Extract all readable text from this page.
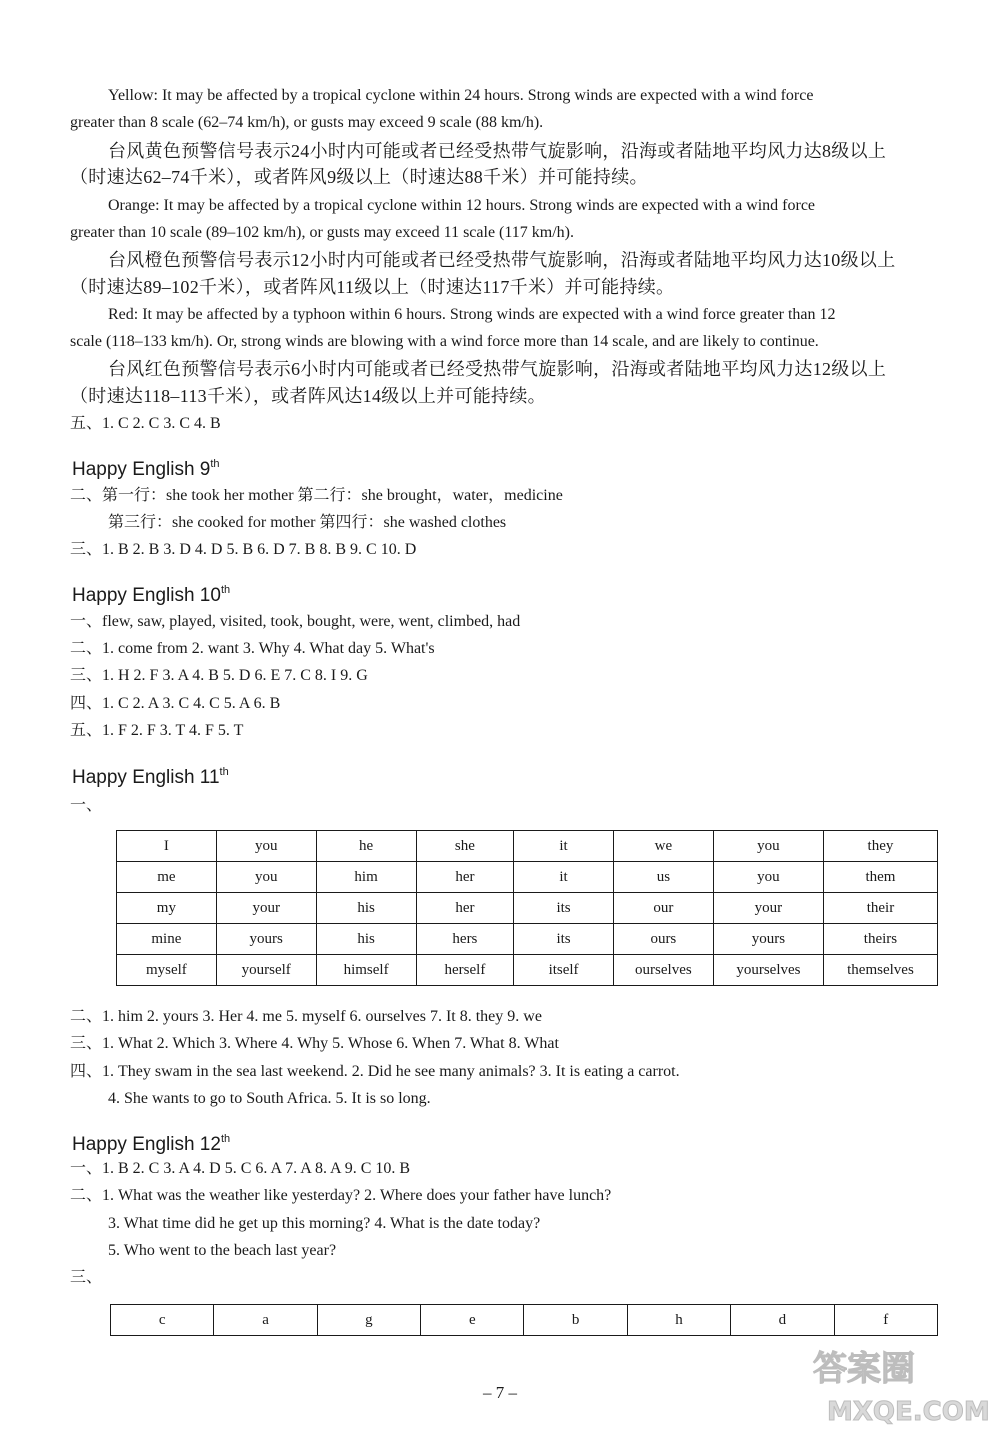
Yellow: It may be affected by a tropical cyclone within 24 hours. Strong winds are expected with a wind force
greater than 8 scale (62–74 km/h), or gusts may exceed 9 scale (88 km/h).
台风黄色预警信号表示24小时内可能或者已经受热带气旋影响，沿海或者陆地平均风力达8级以上
（时速达62–74千米），或者阵风9级以上（时速达88千米）并可能持续。
Orange: It may be affected by a tropical cyclone within 12 hours. Strong winds are expected with a wind force
greater than 10 scale (89–102 km/h), or gusts may exceed 11 scale (117 km/h).
台风橙色预警信号表示12小时内可能或者已经受热带气旋影响，沿海或者陆地平均风力达10级以上
（时速达89–102千米），或者阵风11级以上（时速达117千米）并可能持续。
Red: It may be affected by a typhoon within 6 hours. Strong winds are expected with a wind force greater than 12
scale (118–133 km/h). Or, strong winds are blowing with a wind force more than 14 scale, and are likely to continue.
台风红色预警信号表示6小时内可能或者已经受热带气旋影响，沿海或者陆地平均风力达12级以上
（时速达118–113千米），或者阵风达14级以上并可能持续。
五、1. C 2. C 3. C 4. B
Happy English 9th
二、第一行：she took her mother 第二行：she brought，water，medicine
第三行：she cooked for mother 第四行：she washed clothes
三、1. B 2. B 3. D 4. D 5. B 6. D 7. B 8. B 9. C 10. D
Happy English 10th
一、flew, saw, played, visited, took, bought, were, went, climbed, had
二、1. come from 2. want 3. Why 4. What day 5. What's
三、1. H 2. F 3. A 4. B 5. D 6. E 7. C 8. I 9. G
四、1. C 2. A 3. C 4. C 5. A 6. B
五、1. F 2. F 3. T 4. F 5. T
Happy English 11th
一、
I	you	he	she	it	we	you	they
me	you	him	her	it	us	you	them
my	your	his	her	its	our	your	their
mine	yours	his	hers	its	ours	yours	theirs
myself	yourself	himself	herself	itself	ourselves	yourselves	themselves
二、1. him 2. yours 3. Her 4. me 5. myself 6. ourselves 7. It 8. they 9. we
三、1. What 2. Which 3. Where 4. Why 5. Whose 6. When 7. What 8. What
四、1. They swam in the sea last weekend. 2. Did he see many animals? 3. It is eating a carrot.
4. She wants to go to South Africa. 5. It is so long.
Happy English 12th
一、1. B 2. C 3. A 4. D 5. C 6. A 7. A 8. A 9. C 10. B
二、1. What was the weather like yesterday? 2. Where does your father have lunch?
3. What time did he get up this morning? 4. What is the date today?
5. Who went to the beach last year?
三、
c	a	g	e	b	h	d	f
– 7 –
答案圈
MXQE.COM
